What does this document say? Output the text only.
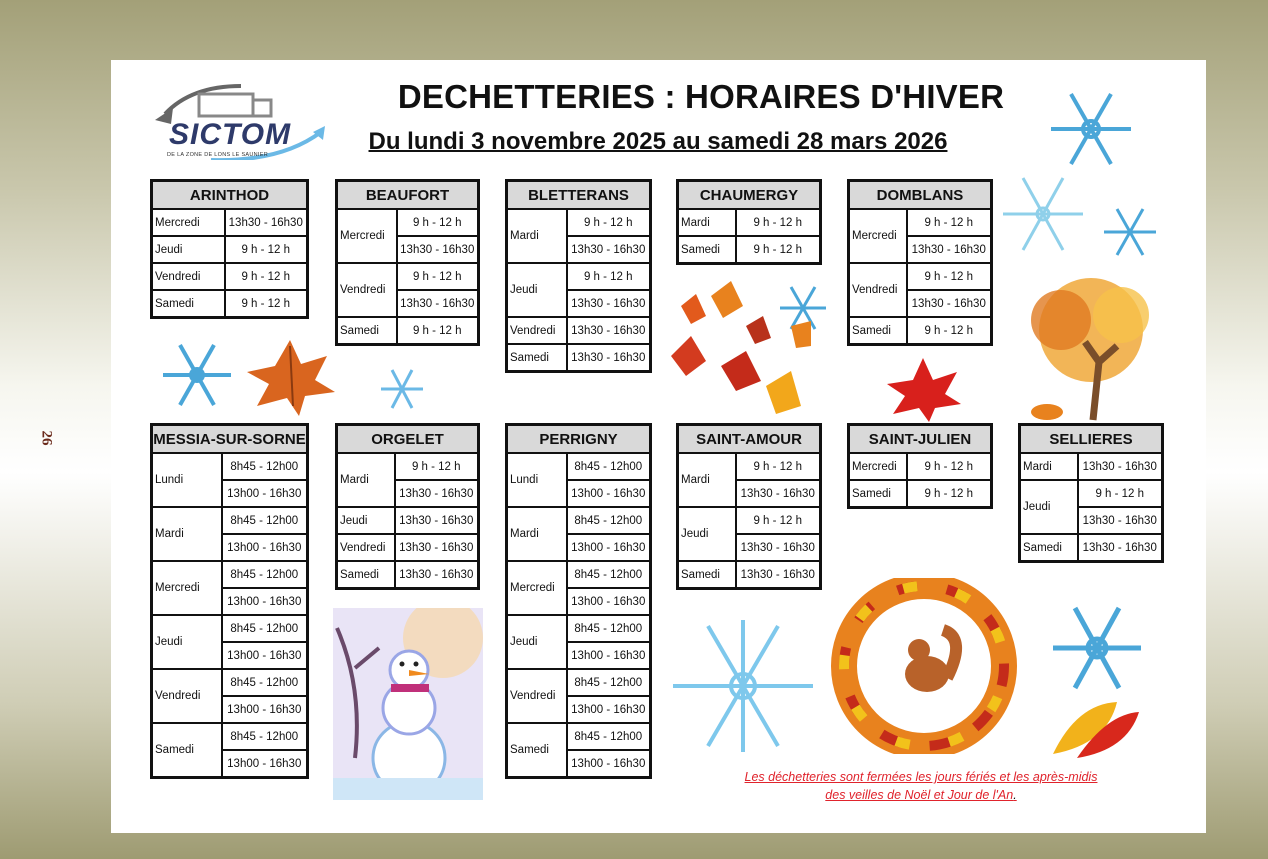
26
SICTOM
DE LA ZONE DE LONS LE SAUNIER
DECHETTERIES : HORAIRES D'HIVER
Du lundi 3 novembre 2025 au samedi 28 mars 2026
ARINTHOD	
Mercredi	13h30 - 16h30
Jeudi	9 h - 12 h
Vendredi	9 h - 12 h
Samedi	9 h - 12 h
BEAUFORT	
Mercredi	9 h - 12 h
	13h30 - 16h30
Vendredi	9 h - 12 h
	13h30 - 16h30
Samedi	9 h - 12 h
BLETTERANS	
Mardi	9 h - 12 h
	13h30 - 16h30
Jeudi	9 h - 12 h
	13h30 - 16h30
Vendredi	13h30 - 16h30
Samedi	13h30 - 16h30
CHAUMERGY	
Mardi	9 h - 12 h
Samedi	9 h - 12 h
DOMBLANS	
Mercredi	9 h - 12 h
	13h30 - 16h30
Vendredi	9 h - 12 h
	13h30 - 16h30
Samedi	9 h - 12 h
MESSIA-SUR-SORNE	
Lundi	8h45 - 12h00
	13h00 - 16h30
Mardi	8h45 - 12h00
	13h00 - 16h30
Mercredi	8h45 - 12h00
	13h00 - 16h30
Jeudi	8h45 - 12h00
	13h00 - 16h30
Vendredi	8h45 - 12h00
	13h00 - 16h30
Samedi	8h45 - 12h00
	13h00 - 16h30
ORGELET	
Mardi	9 h - 12 h
	13h30 - 16h30
Jeudi	13h30 - 16h30
Vendredi	13h30 - 16h30
Samedi	13h30 - 16h30
PERRIGNY	
Lundi	8h45 - 12h00
	13h00 - 16h30
Mardi	8h45 - 12h00
	13h00 - 16h30
Mercredi	8h45 - 12h00
	13h00 - 16h30
Jeudi	8h45 - 12h00
	13h00 - 16h30
Vendredi	8h45 - 12h00
	13h00 - 16h30
Samedi	8h45 - 12h00
	13h00 - 16h30
SAINT-AMOUR	
Mardi	9 h - 12 h
	13h30 - 16h30
Jeudi	9 h - 12 h
	13h30 - 16h30
Samedi	13h30 - 16h30
SAINT-JULIEN	
Mercredi	9 h - 12 h
Samedi	9 h - 12 h
SELLIERES	
Mardi	13h30 - 16h30
Jeudi	9 h - 12 h
	13h30 - 16h30
Samedi	13h30 - 16h30
Les déchetteries sont fermées les jours fériés et les après-midis
des veilles de Noël et Jour de l'An.
